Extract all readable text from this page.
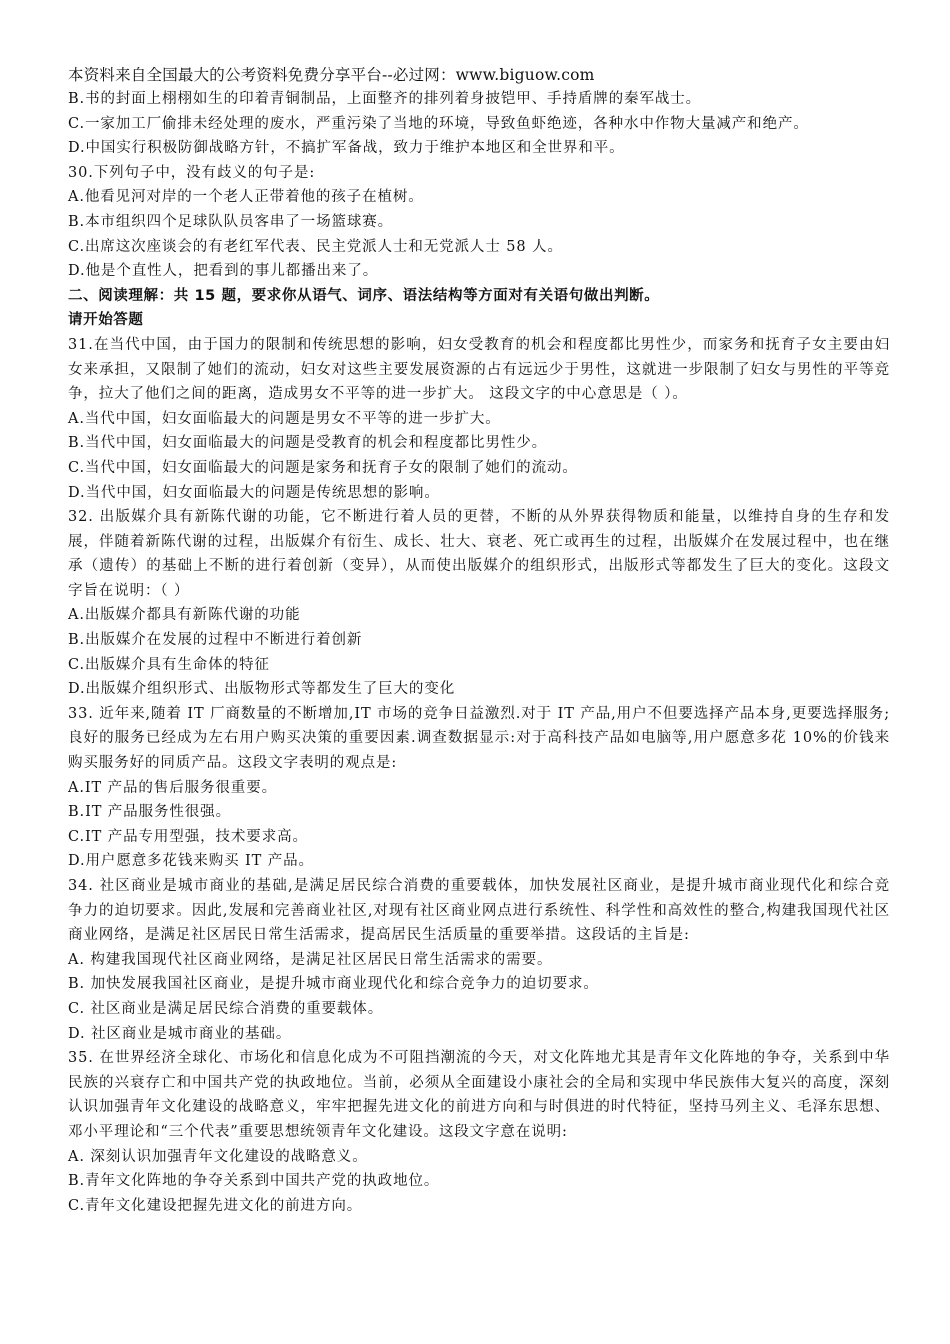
本资料来自全国最大的公考资料免费分享平台--必过网：www.biguow.com
B.书的封面上栩栩如生的印着青铜制品，上面整齐的排列着身披铠甲、手持盾牌的秦军战士。
C.一家加工厂偷排未经处理的废水，严重污染了当地的环境，导致鱼虾绝迹，各种水中作物大量减产和绝产。
D.中国实行积极防御战略方针，不搞扩军备战，致力于维护本地区和全世界和平。
30.下列句子中，没有歧义的句子是:
A.他看见河对岸的一个老人正带着他的孩子在植树。
B.本市组织四个足球队队员客串了一场篮球赛。
C.出席这次座谈会的有老红军代表、民主党派人士和无党派人士 58 人。
D.他是个直性人，把看到的事儿都播出来了。
二、阅读理解：共 15 题，要求你从语气、词序、语法结构等方面对有关语句做出判断。
请开始答题
31.在当代中国，由于国力的限制和传统思想的影响，妇女受教育的机会和程度都比男性少，而家务和抚育子女主要由妇女来承担，又限制了她们的流动，妇女对这些主要发展资源的占有远远少于男性，这就进一步限制了妇女与男性的平等竞争，拉大了他们之间的距离，造成男女不平等的进一步扩大。 这段文字的中心意思是（ ）。
A.当代中国，妇女面临最大的问题是男女不平等的进一步扩大。
B.当代中国，妇女面临最大的问题是受教育的机会和程度都比男性少。
C.当代中国，妇女面临最大的问题是家务和抚育子女的限制了她们的流动。
D.当代中国，妇女面临最大的问题是传统思想的影响。
32. 出版媒介具有新陈代谢的功能，它不断进行着人员的更替，不断的从外界获得物质和能量，以维持自身的生存和发展，伴随着新陈代谢的过程，出版媒介有衍生、成长、壮大、衰老、死亡或再生的过程，出版媒介在发展过程中，也在继承（遗传）的基础上不断的进行着创新（变异），从而使出版媒介的组织形式，出版形式等都发生了巨大的变化。这段文字旨在说明：（ ）
A.出版媒介都具有新陈代谢的功能
B.出版媒介在发展的过程中不断进行着创新
C.出版媒介具有生命体的特征
D.出版媒介组织形式、出版物形式等都发生了巨大的变化
33. 近年来,随着 IT 厂商数量的不断增加,IT 市场的竞争日益激烈.对于 IT 产品,用户不但要选择产品本身,更要选择服务;良好的服务已经成为左右用户购买决策的重要因素.调查数据显示:对于高科技产品如电脑等,用户愿意多花 10%的价钱来购买服务好的同质产品。这段文字表明的观点是:
A.IT 产品的售后服务很重要。
B.IT 产品服务性很强。
C.IT 产品专用型强，技术要求高。
D.用户愿意多花钱来购买 IT 产品。
34. 社区商业是城市商业的基础,是满足居民综合消费的重要载体，加快发展社区商业，是提升城市商业现代化和综合竞争力的迫切要求。因此,发展和完善商业社区,对现有社区商业网点进行系统性、科学性和高效性的整合,构建我国现代社区商业网络，是满足社区居民日常生活需求，提高居民生活质量的重要举措。这段话的主旨是:
A. 构建我国现代社区商业网络，是满足社区居民日常生活需求的需要。
B. 加快发展我国社区商业，是提升城市商业现代化和综合竞争力的迫切要求。
C. 社区商业是满足居民综合消费的重要载体。
D. 社区商业是城市商业的基础。
35. 在世界经济全球化、市场化和信息化成为不可阻挡潮流的今天，对文化阵地尤其是青年文化阵地的争夺，关系到中华民族的兴衰存亡和中国共产党的执政地位。当前，必须从全面建设小康社会的全局和实现中华民族伟大复兴的高度，深刻认识加强青年文化建设的战略意义，牢牢把握先进文化的前进方向和与时俱进的时代特征，坚持马列主义、毛泽东思想、邓小平理论和“三个代表”重要思想统领青年文化建设。这段文字意在说明:
A. 深刻认识加强青年文化建设的战略意义。
B.青年文化阵地的争夺关系到中国共产党的执政地位。
C.青年文化建设把握先进文化的前进方向。
